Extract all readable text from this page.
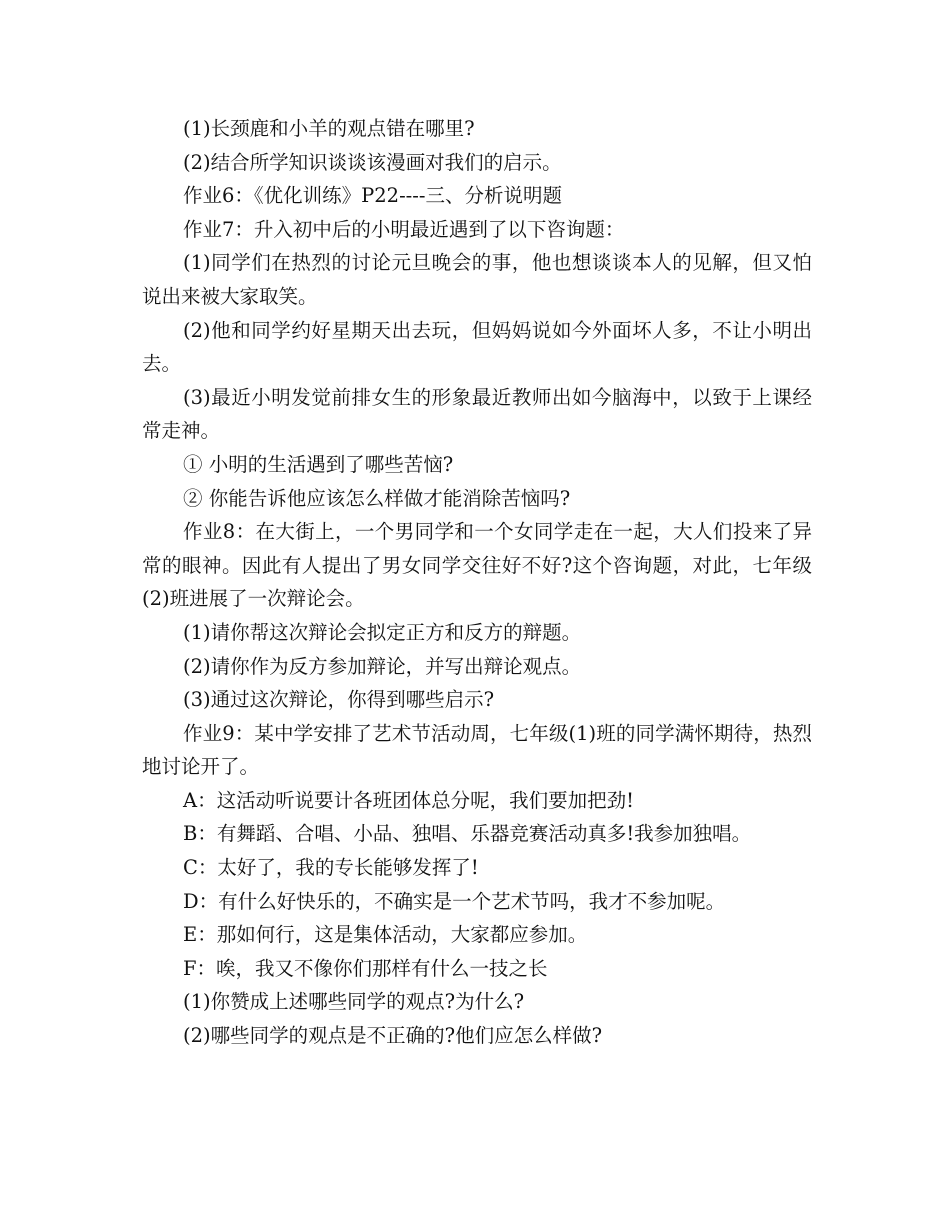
(1)长颈鹿和小羊的观点错在哪里?

(2)结合所学知识谈谈该漫画对我们的启示。

作业6：《优化训练》P22----三、分析说明题

作业7：升入初中后的小明最近遇到了以下咨询题：

(1)同学们在热烈的讨论元旦晚会的事，他也想谈谈本人的见解，但又怕说出来被大家取笑。

(2)他和同学约好星期天出去玩，但妈妈说如今外面坏人多，不让小明出去。

(3)最近小明发觉前排女生的形象最近教师出如今脑海中，以致于上课经常走神。

① 小明的生活遇到了哪些苦恼?

② 你能告诉他应该怎么样做才能消除苦恼吗?

作业8：在大街上，一个男同学和一个女同学走在一起，大人们投来了异常的眼神。因此有人提出了男女同学交往好不好?这个咨询题，对此，七年级(2)班进展了一次辩论会。

(1)请你帮这次辩论会拟定正方和反方的辩题。

(2)请你作为反方参加辩论，并写出辩论观点。

(3)通过这次辩论，你得到哪些启示?

作业9：某中学安排了艺术节活动周，七年级(1)班的同学满怀期待，热烈地讨论开了。

A：这活动听说要计各班团体总分呢，我们要加把劲!

B：有舞蹈、合唱、小品、独唱、乐器竞赛活动真多!我参加独唱。

C：太好了，我的专长能够发挥了!

D：有什么好快乐的，不确实是一个艺术节吗，我才不参加呢。

E：那如何行，这是集体活动，大家都应参加。

F：唉，我又不像你们那样有什么一技之长

(1)你赞成上述哪些同学的观点?为什么?

(2)哪些同学的观点是不正确的?他们应怎么样做?
